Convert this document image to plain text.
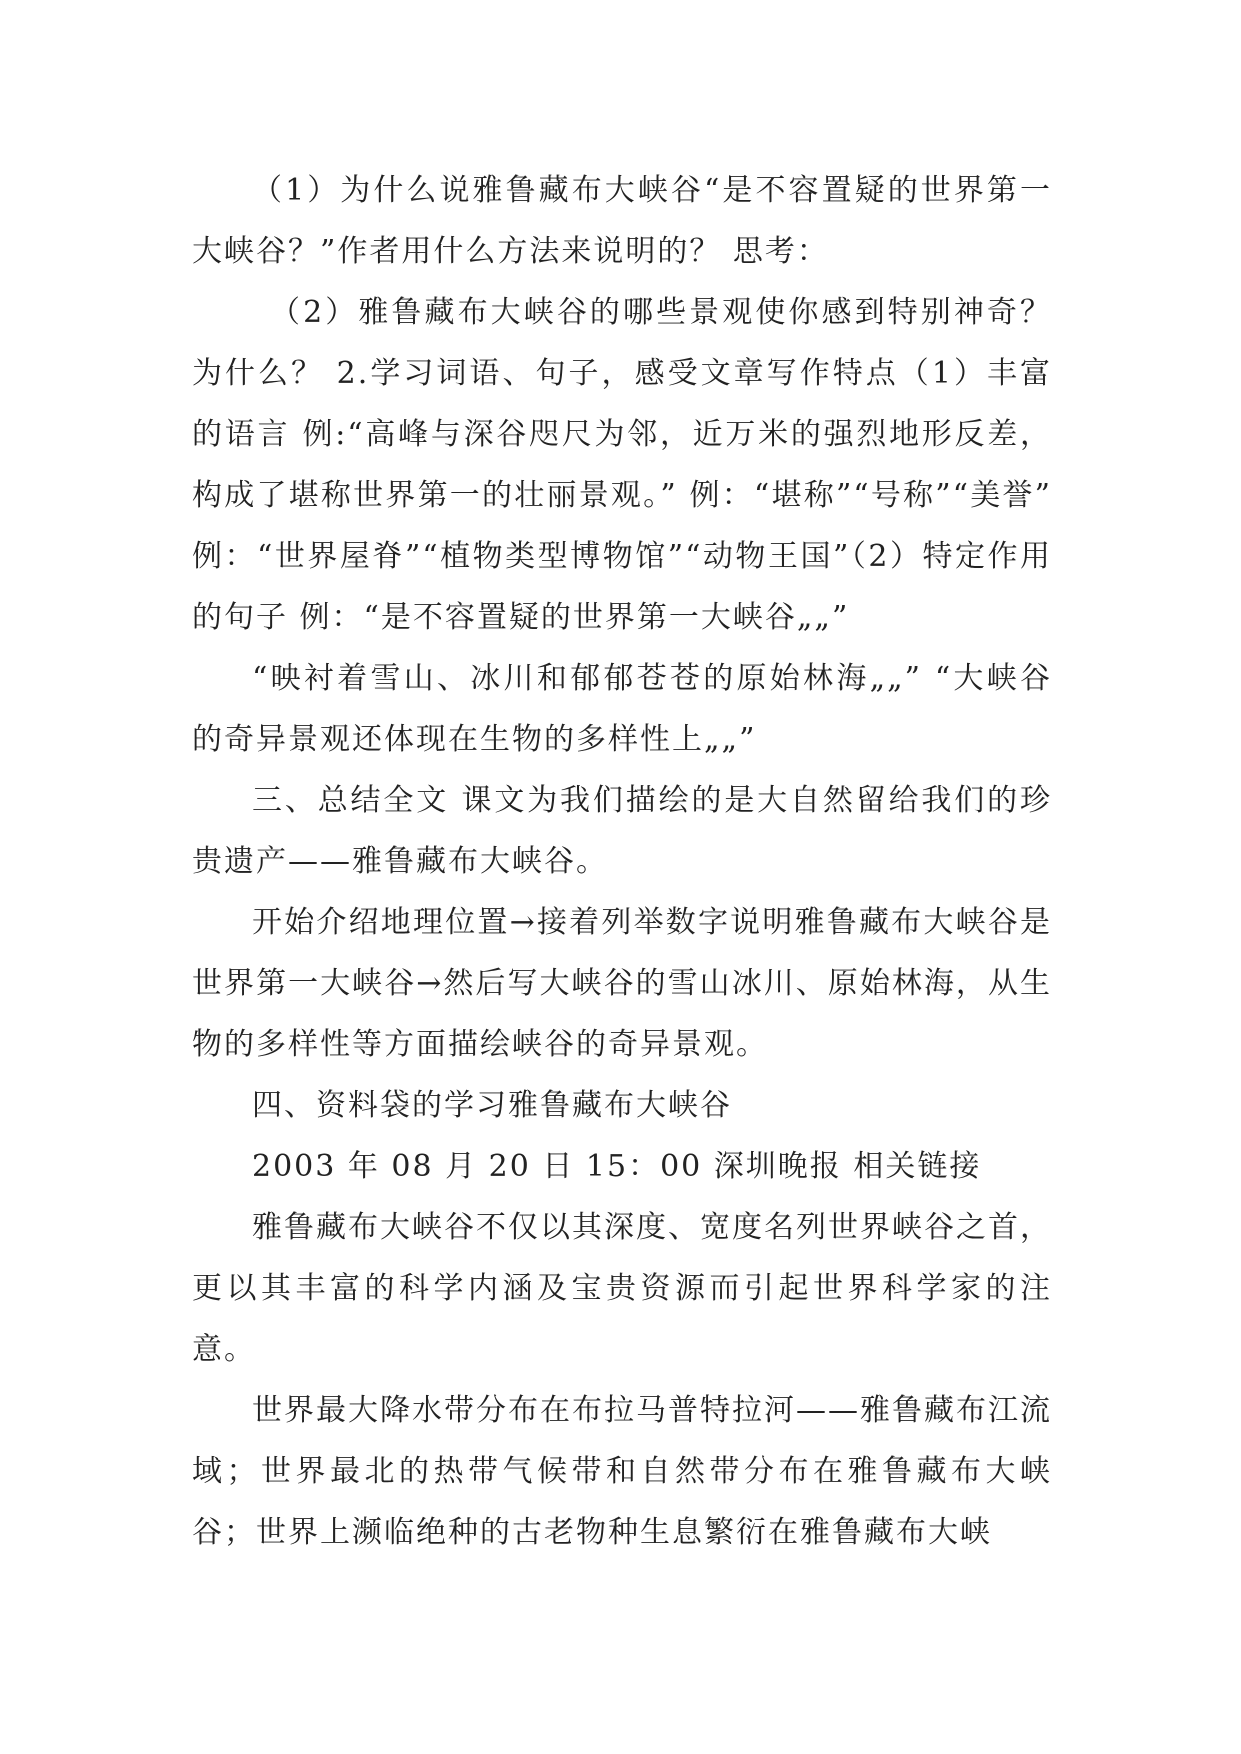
（1）为什么说雅鲁藏布大峡谷“是不容置疑的世界第一大峡谷？”作者用什么方法来说明的？ 思考：

（2）雅鲁藏布大峡谷的哪些景观使你感到特别神奇？为什么？ 2.学习词语、句子，感受文章写作特点（1）丰富的语言 例:“高峰与深谷咫尺为邻，近万米的强烈地形反差，构成了堪称世界第一的壮丽景观。” 例：“堪称”“号称”“美誉” 例：“世界屋脊”“植物类型博物馆”“动物王国”（2）特定作用的句子 例：“是不容置疑的世界第一大峡谷„„”

“映衬着雪山、冰川和郁郁苍苍的原始林海„„” “大峡谷的奇异景观还体现在生物的多样性上„„”

三、总结全文 课文为我们描绘的是大自然留给我们的珍贵遗产——雅鲁藏布大峡谷。

开始介绍地理位置→接着列举数字说明雅鲁藏布大峡谷是世界第一大峡谷→然后写大峡谷的雪山冰川、原始林海，从生物的多样性等方面描绘峡谷的奇异景观。

四、资料袋的学习雅鲁藏布大峡谷

2003 年 08 月 20 日 15：00 深圳晚报 相关链接

雅鲁藏布大峡谷不仅以其深度、宽度名列世界峡谷之首，更以其丰富的科学内涵及宝贵资源而引起世界科学家的注意。

世界最大降水带分布在布拉马普特拉河——雅鲁藏布江流域；世界最北的热带气候带和自然带分布在雅鲁藏布大峡谷；世界上濒临绝种的古老物种生息繁衍在雅鲁藏布大峡
